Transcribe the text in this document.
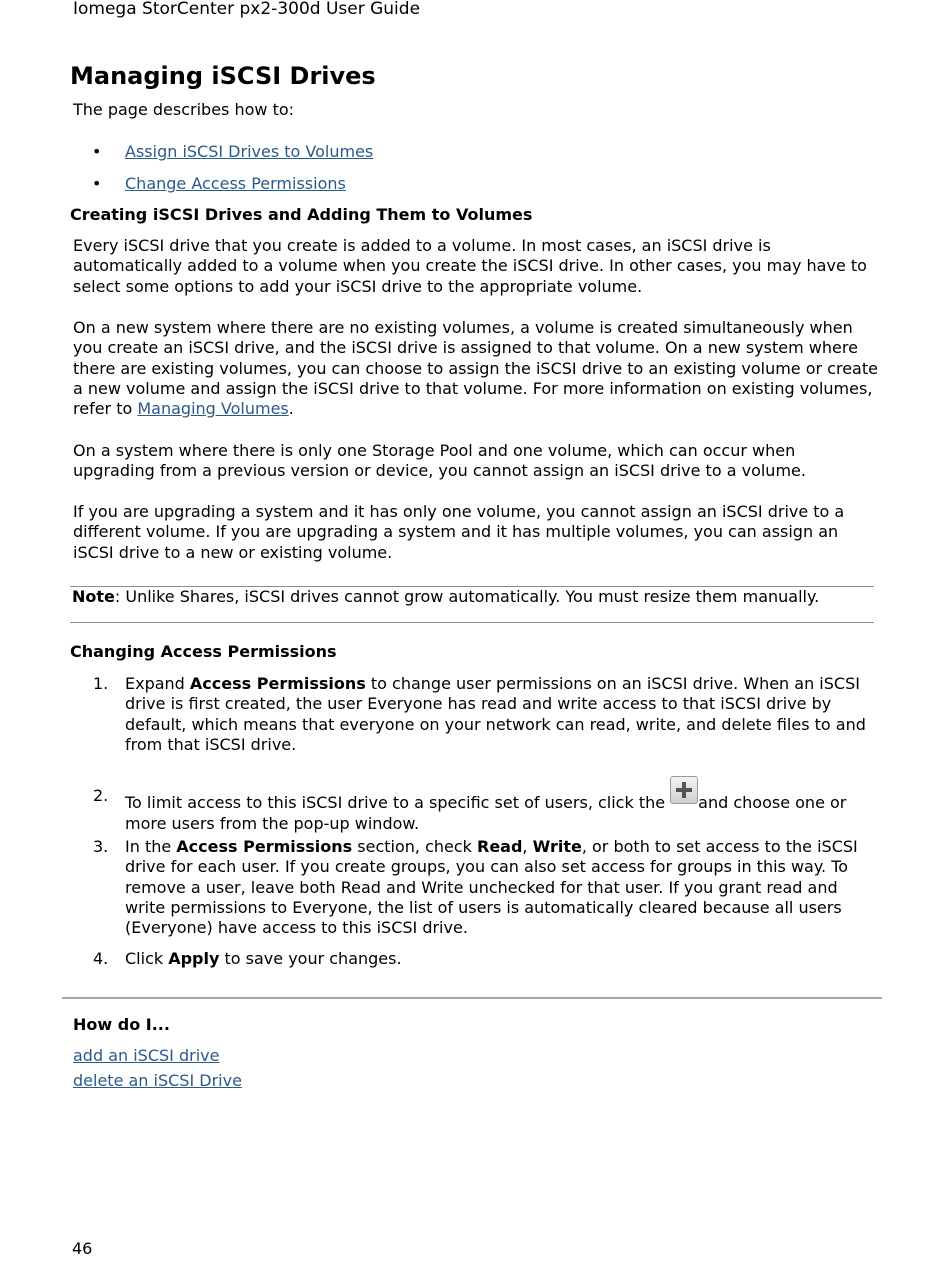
Iomega StorCenter px2-300d User Guide
Managing iSCSI Drives

The page describes how to:

• Assign iSCSI Drives to Volumes
• Change Access Permissions
Creating iSCSI Drives and Adding Them to Volumes

Every iSCSI drive that you create is added to a volume. In most cases, an iSCSI drive is automatically added to a volume when you create the iSCSI drive. In other cases, you may have to select some options to add your iSCSI drive to the appropriate volume.

On a new system where there are no existing volumes, a volume is created simultaneously when you create an iSCSI drive, and the iSCSI drive is assigned to that volume. On a new system where there are existing volumes, you can choose to assign the iSCSI drive to an existing volume or create a new volume and assign the iSCSI drive to that volume. For more information on existing volumes, refer to Managing Volumes.

On a system where there is only one Storage Pool and one volume, which can occur when upgrading from a previous version or device, you cannot assign an iSCSI drive to a volume.

If you are upgrading a system and it has only one volume, you cannot assign an iSCSI drive to a different volume. If you are upgrading a system and it has multiple volumes, you can assign an iSCSI drive to a new or existing volume.

Note: Unlike Shares, iSCSI drives cannot grow automatically. You must resize them manually.

Changing Access Permissions
1. Expand Access Permissions to change user permissions on an iSCSI drive. When an iSCSI drive is first created, the user Everyone has read and write access to that iSCSI drive by default, which means that everyone on your network can read, write, and delete files to and from that iSCSI drive.
2. To limit access to this iSCSI drive to a specific set of users, click the
and choose one or more users from the pop-up window.
3. In the Access Permissions section, check Read, Write, or both to set access to the iSCSI drive for each user. If you create groups, you can also set access for groups in this way. To remove a user, leave both Read and Write unchecked for that user. If you grant read and write permissions to Everyone, the list of users is automatically cleared because all users (Everyone) have access to this iSCSI drive.
4. Click Apply to save your changes.

How do I...

add an iSCSI drive
delete an iSCSI Drive
46
